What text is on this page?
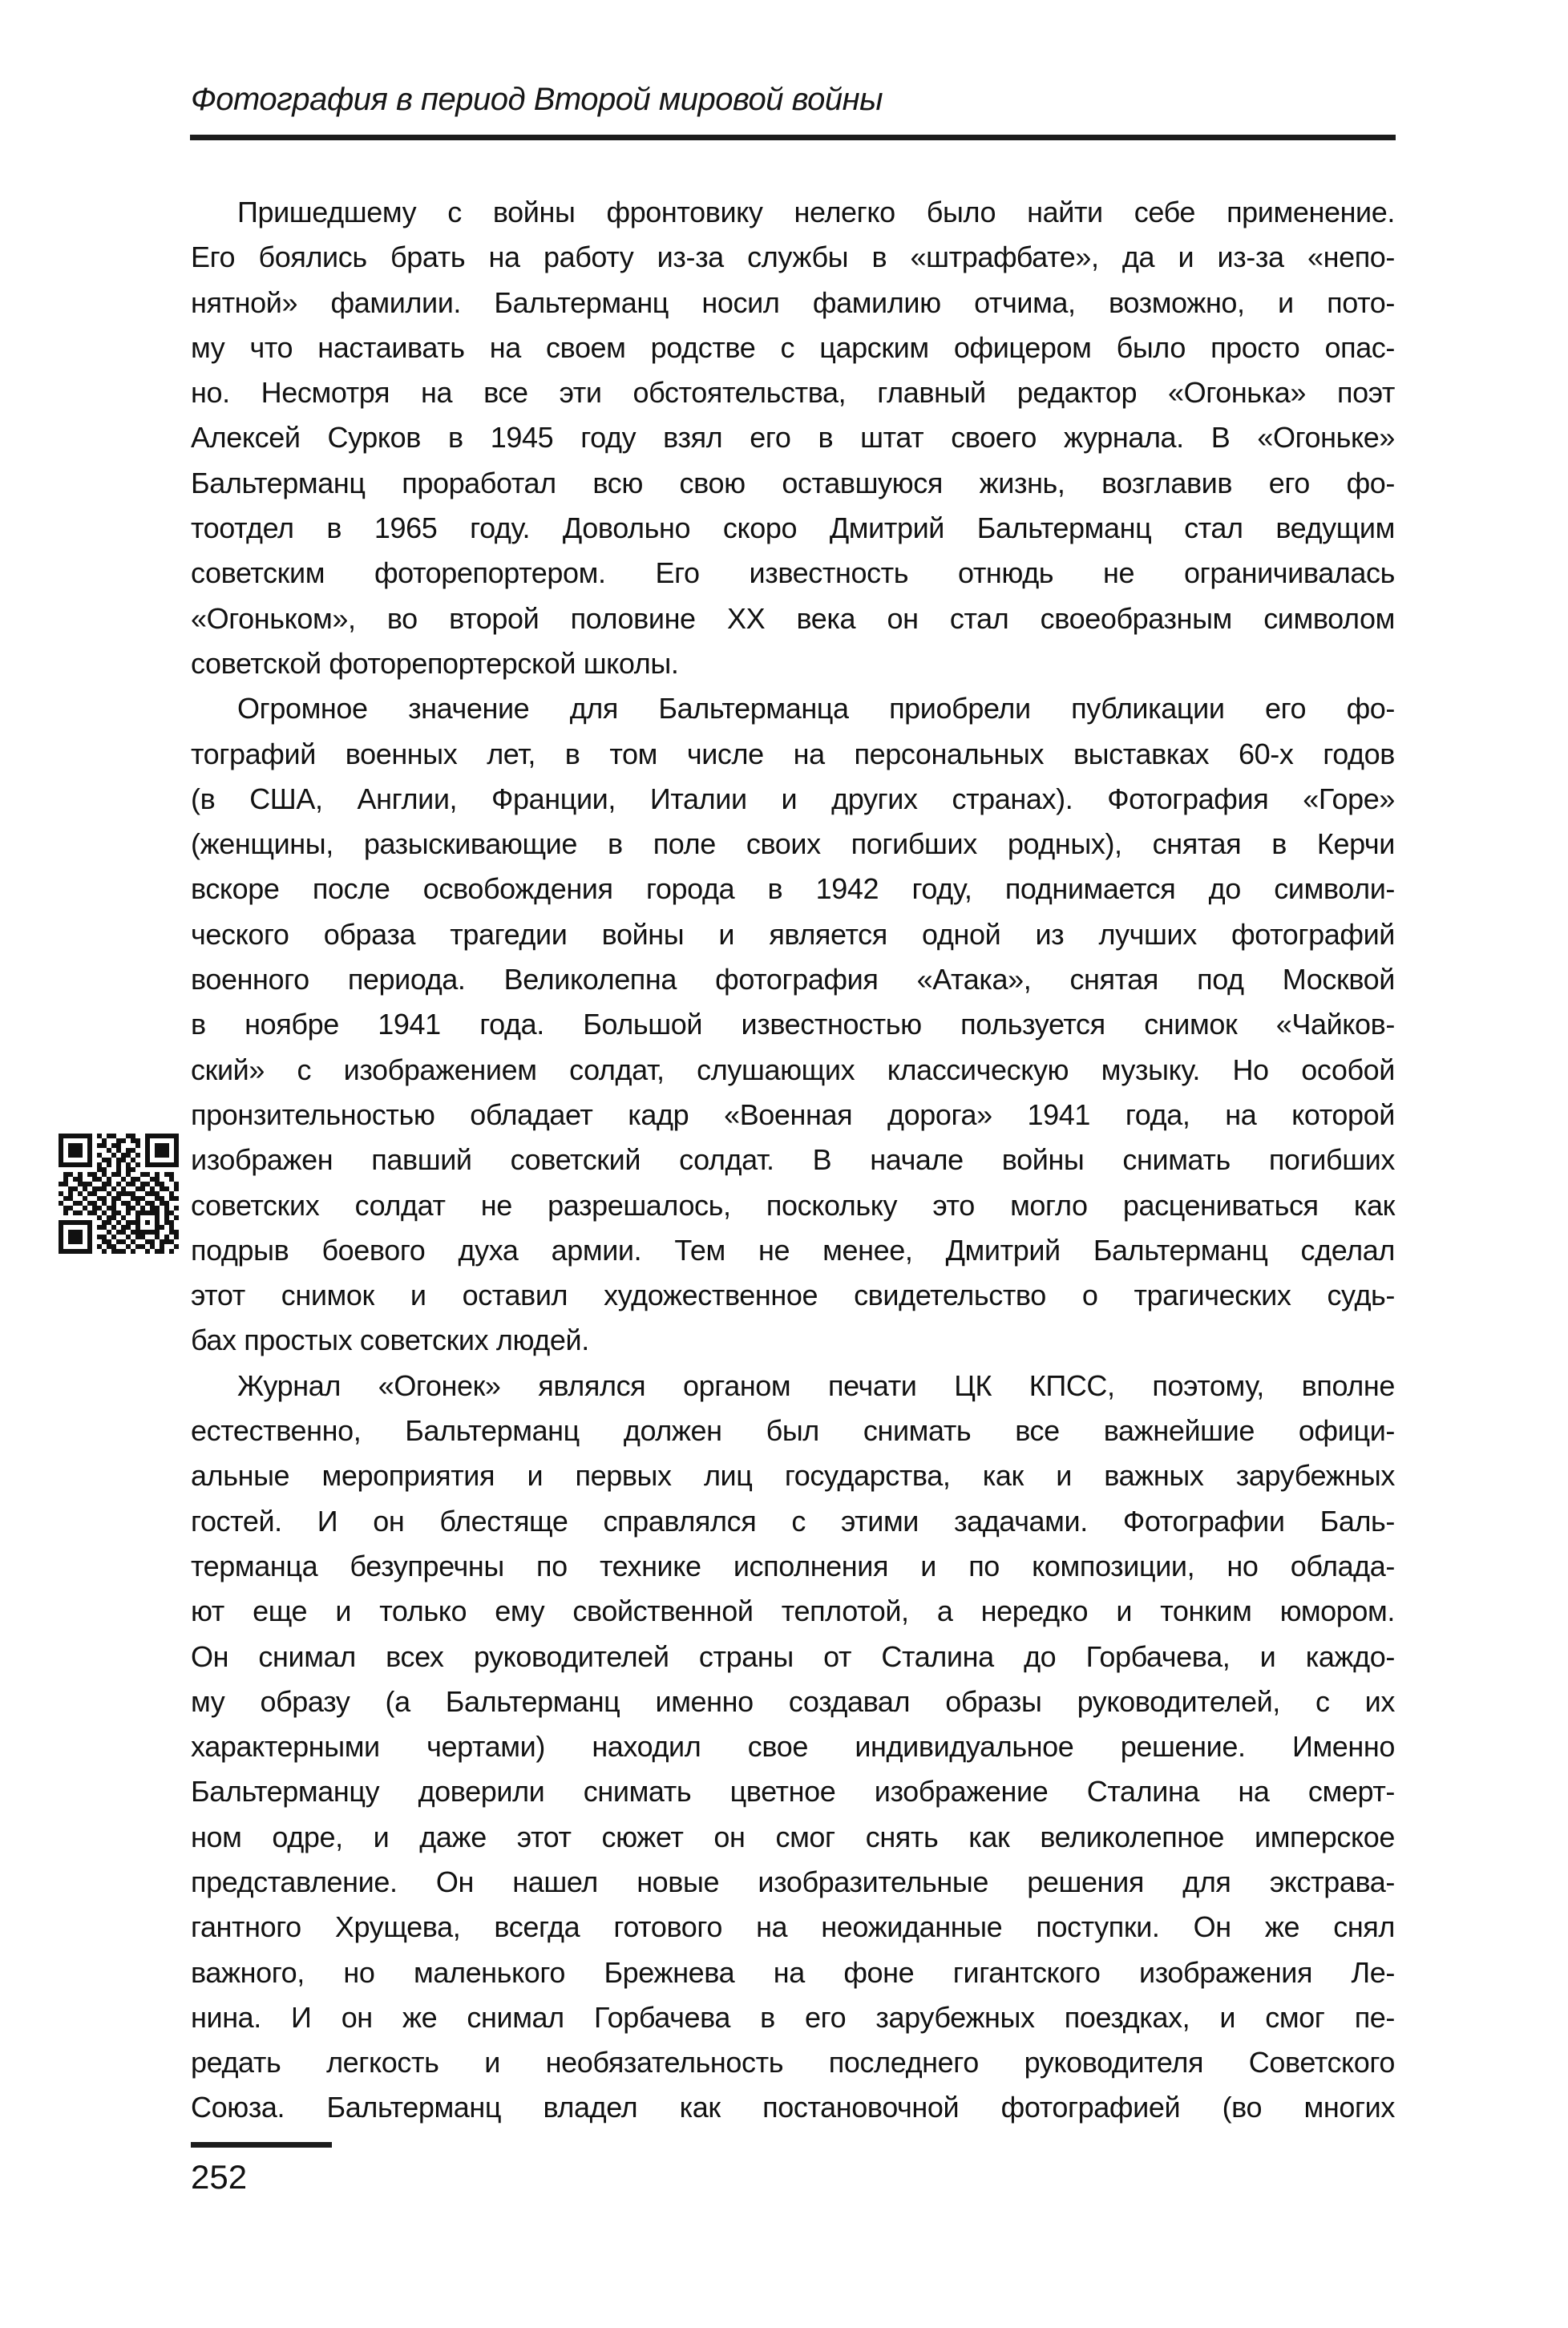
Фотография в период Второй мировой войны
Пришедшему с войны фронтовику нелегко было найти себе применение.
Его боялись брать на работу из-за службы в «штрафбате», да и из-за «непо-
нятной» фамилии. Бальтерманц носил фамилию отчима, возможно, и пото-
му что настаивать на своем родстве с царским офицером было просто опас-
но. Несмотря на все эти обстоятельства, главный редактор «Огонька» поэт
Алексей Сурков в 1945 году взял его в штат своего журнала. В «Огоньке»
Бальтерманц проработал всю свою оставшуюся жизнь, возглавив его фо-
тоотдел в 1965 году. Довольно скоро Дмитрий Бальтерманц стал ведущим
советским фоторепортером. Его известность отнюдь не ограничивалась
«Огоньком», во второй половине XX века он стал своеобразным символом
советской фоторепортерской школы.
Огромное значение для Бальтерманца приобрели публикации его фо-
тографий военных лет, в том числе на персональных выставках 60-х годов
(в США, Англии, Франции, Италии и других странах). Фотография «Горе»
(женщины, разыскивающие в поле своих погибших родных), снятая в Керчи
вскоре после освобождения города в 1942 году, поднимается до символи-
ческого образа трагедии войны и является одной из лучших фотографий
военного периода. Великолепна фотография «Атака», снятая под Москвой
в ноябре 1941 года. Большой известностью пользуется снимок «Чайков-
ский» с изображением солдат, слушающих классическую музыку. Но особой
пронзительностью обладает кадр «Военная дорога» 1941 года, на которой
изображен павший советский солдат. В начале войны снимать погибших
советских солдат не разрешалось, поскольку это могло расцениваться как
подрыв боевого духа армии. Тем не менее, Дмитрий Бальтерманц сделал
этот снимок и оставил художественное свидетельство о трагических судь-
бах простых советских людей.
Журнал «Огонек» являлся органом печати ЦК КПСС, поэтому, вполне
естественно, Бальтерманц должен был снимать все важнейшие офици-
альные мероприятия и первых лиц государства, как и важных зарубежных
гостей. И он блестяще справлялся с этими задачами. Фотографии Баль-
терманца безупречны по технике исполнения и по композиции, но облада-
ют еще и только ему свойственной теплотой, а нередко и тонким юмором.
Он снимал всех руководителей страны от Сталина до Горбачева, и каждо-
му образу (а Бальтерманц именно создавал образы руководителей, с их
характерными чертами) находил свое индивидуальное решение. Именно
Бальтерманцу доверили снимать цветное изображение Сталина на смерт-
ном одре, и даже этот сюжет он смог снять как великолепное имперское
представление. Он нашел новые изобразительные решения для экстрава-
гантного Хрущева, всегда готового на неожиданные поступки. Он же снял
важного, но маленького Брежнева на фоне гигантского изображения Ле-
нина. И он же снимал Горбачева в его зарубежных поездках, и смог пе-
редать легкость и необязательность последнего руководителя Советского
Союза. Бальтерманц владел как постановочной фотографией (во многих
252
